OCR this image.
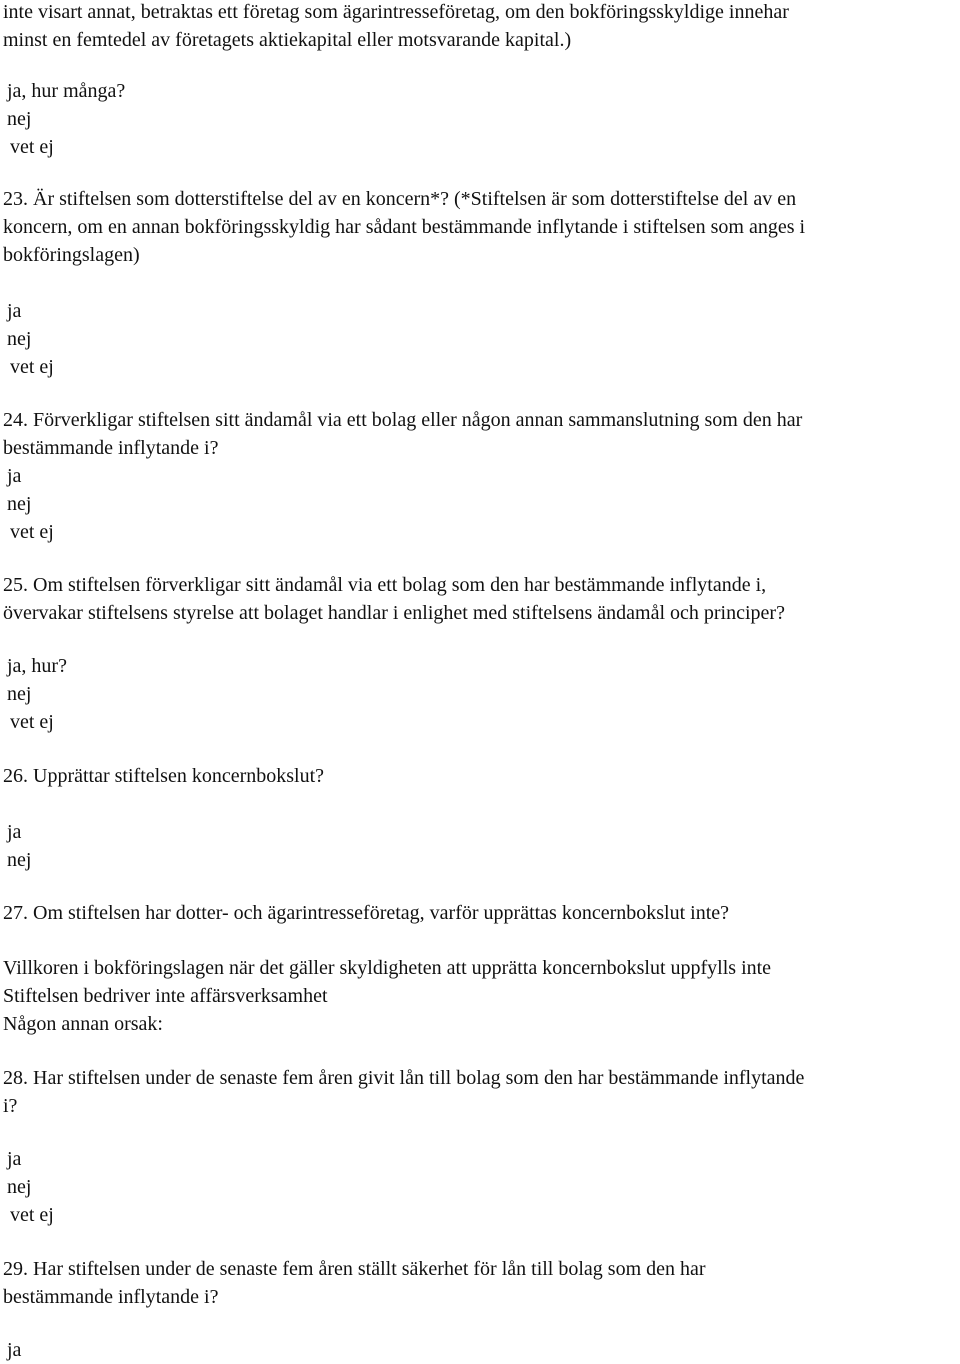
inte visart annat, betraktas ett företag som ägarintresseföretag, om den bokföringsskyldige innehar
minst en femtedel av företagets aktiekapital eller motsvarande kapital.)
ja, hur många?
nej
vet ej
23. Är stiftelsen som dotterstiftelse del av en koncern*? (*Stiftelsen är som dotterstiftelse del av en
koncern, om en annan bokföringsskyldig har sådant bestämmande inflytande i stiftelsen som anges i
bokföringslagen)
ja
nej
vet ej
24. Förverkligar stiftelsen sitt ändamål via ett bolag eller någon annan sammanslutning som den har
bestämmande inflytande i?
ja
nej
vet ej
25. Om stiftelsen förverkligar sitt ändamål via ett bolag som den har bestämmande inflytande i,
övervakar stiftelsens styrelse att bolaget handlar i enlighet med stiftelsens ändamål och principer?
ja, hur?
nej
vet ej
26. Upprättar stiftelsen koncernbokslut?
ja
nej
27. Om stiftelsen har dotter- och ägarintresseföretag, varför upprättas koncernbokslut inte?
Villkoren i bokföringslagen när det gäller skyldigheten att upprätta koncernbokslut uppfylls inte
Stiftelsen bedriver inte affärsverksamhet
Någon annan orsak:
28. Har stiftelsen under de senaste fem åren givit lån till bolag som den har bestämmande inflytande
i?
ja
nej
vet ej
29. Har stiftelsen under de senaste fem åren ställt säkerhet för lån till bolag som den har
bestämmande inflytande i?
ja
